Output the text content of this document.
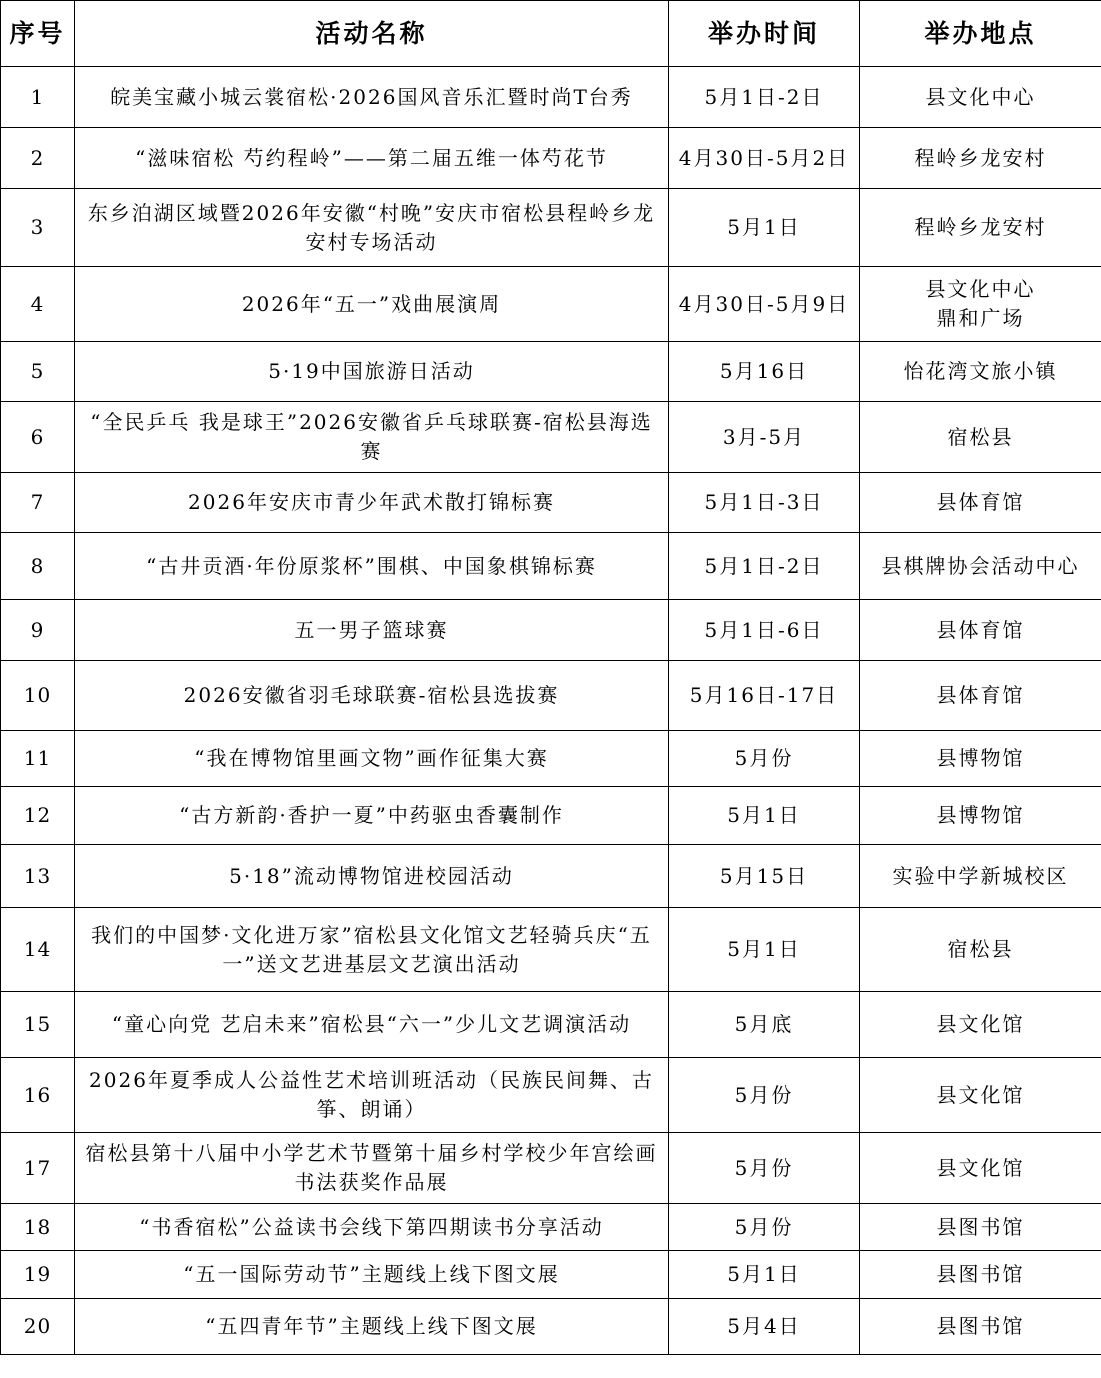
序号	活动名称	举办时间	举办地点
1	皖美宝藏小城云裳宿松·2026国风音乐汇暨时尚T台秀	5月1日-2日	县文化中心

2	“滋味宿松 芍约程岭”——第二届五维一体芍花节	4月30日-5月2日	程岭乡龙安村

3	东乡泊湖区域暨2026年安徽“村晚”安庆市宿松县程岭乡龙安村专场活动	5月1日	程岭乡龙安村

4	2026年“五一”戏曲展演周	4月30日-5月9日	县文化中心
鼎和广场

5	5·19中国旅游日活动	5月16日	怡花湾文旅小镇

6	“全民乒乓 我是球王”2026安徽省乒乓球联赛-宿松县海选赛	3月-5月	宿松县

7	2026年安庆市青少年武术散打锦标赛	5月1日-3日	县体育馆

8	“古井贡酒·年份原浆杯”围棋、中国象棋锦标赛	5月1日-2日	县棋牌协会活动中心

9	五一男子篮球赛	5月1日-6日	县体育馆

10	2026安徽省羽毛球联赛-宿松县选拔赛	5月16日-17日	县体育馆

11	“我在博物馆里画文物”画作征集大赛	5月份	县博物馆

12	“古方新韵·香护一夏”中药驱虫香囊制作	5月1日	县博物馆

13	5·18”流动博物馆进校园活动	5月15日	实验中学新城校区

14	我们的中国梦·文化进万家”宿松县文化馆文艺轻骑兵庆“五一”送文艺进基层文艺演出活动	5月1日	宿松县

15	“童心向党 艺启未来”宿松县“六一”少儿文艺调演活动	5月底	县文化馆

16	2026年夏季成人公益性艺术培训班活动（民族民间舞、古筝、朗诵）	5月份	县文化馆

17	宿松县第十八届中小学艺术节暨第十届乡村学校少年宫绘画书法获奖作品展	5月份	县文化馆

18	“书香宿松”公益读书会线下第四期读书分享活动	5月份	县图书馆

19	“五一国际劳动节”主题线上线下图文展	5月1日	县图书馆

20	“五四青年节”主题线上线下图文展	5月4日	县图书馆
